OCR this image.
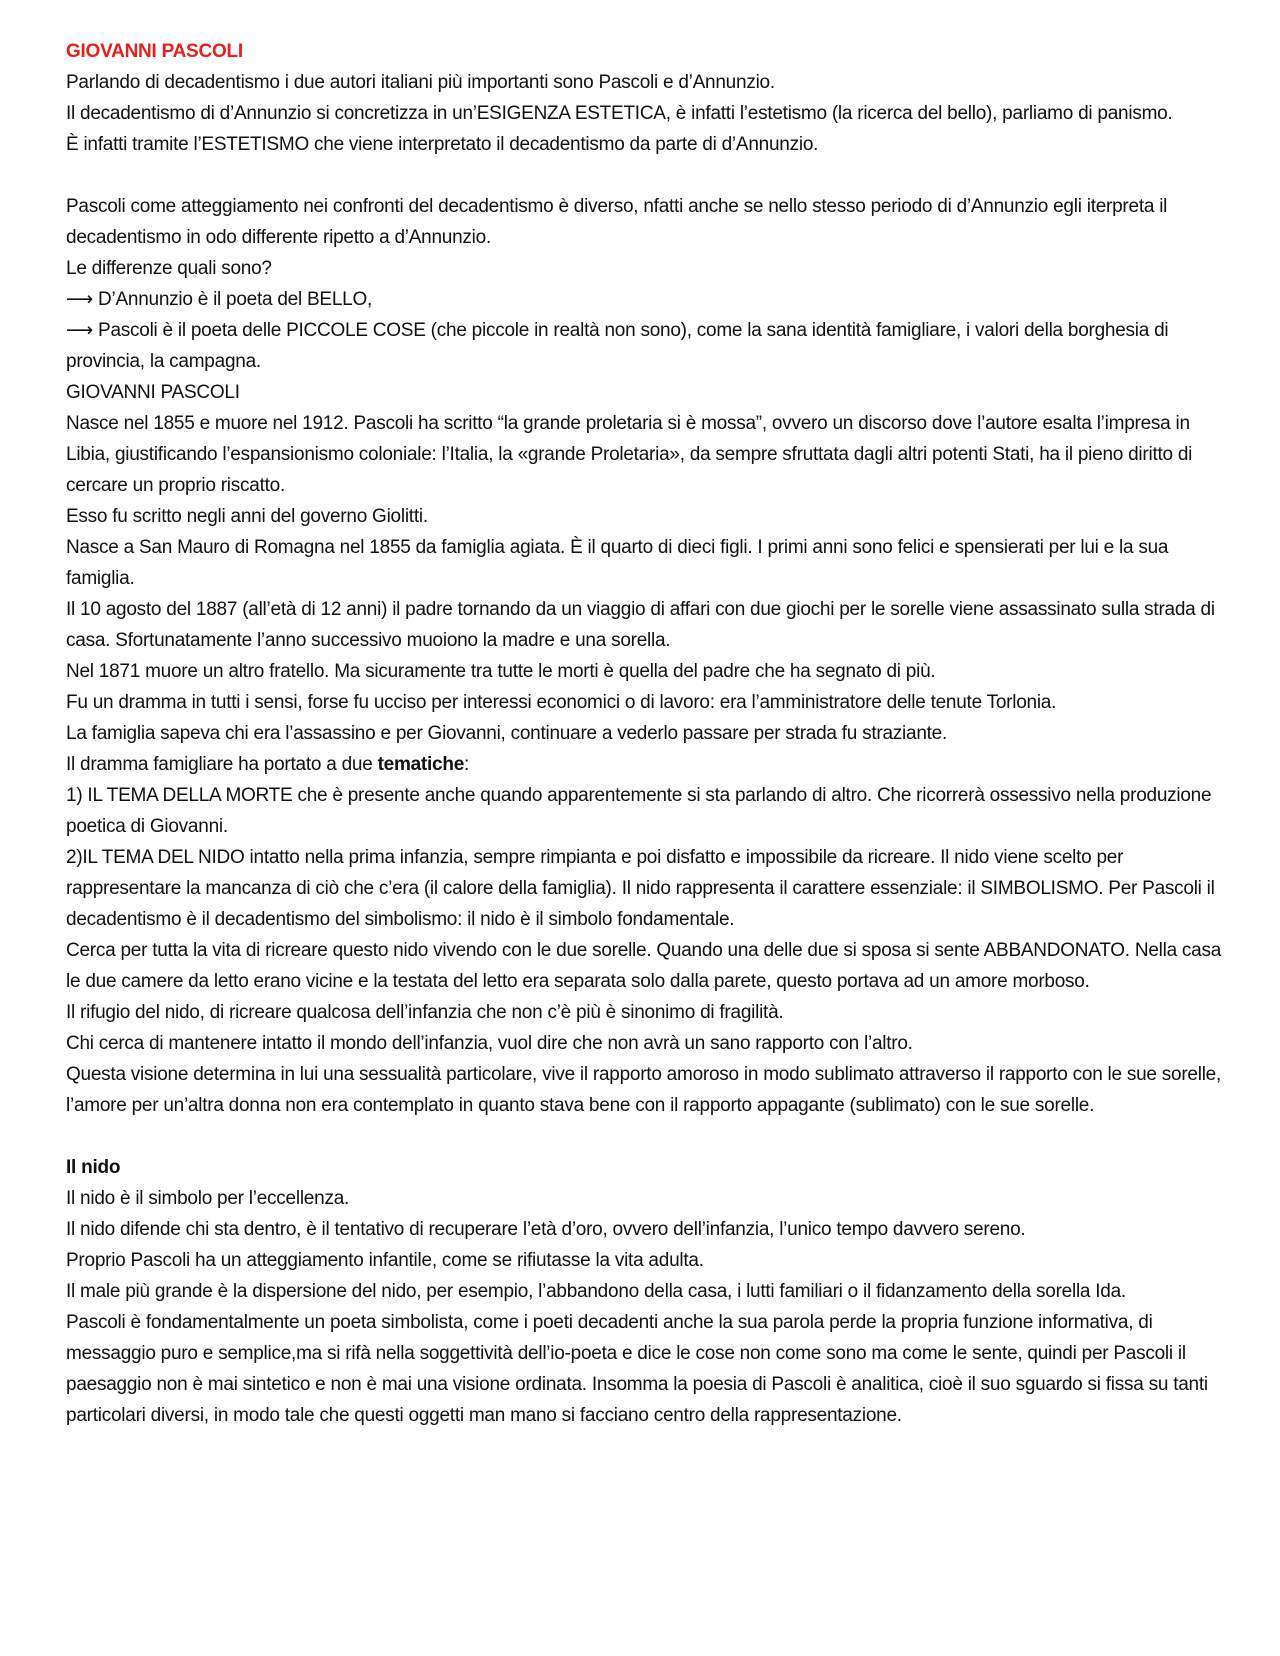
GIOVANNI PASCOLI

Parlando di decadentismo i due autori italiani più importanti sono Pascoli e d’Annunzio.

Il decadentismo di d’Annunzio si concretizza in un’ESIGENZA ESTETICA, è infatti l’estetismo (la ricerca del bello), parliamo di panismo.

È infatti tramite l’ESTETISMO che viene interpretato il decadentismo da parte di d’Annunzio.

Pascoli come atteggiamento nei confronti del decadentismo è diverso, nfatti anche se nello stesso periodo di d’Annunzio egli iterpreta il decadentismo in odo differente ripetto a d’Annunzio.

Le differenze quali sono?

⟶ D’Annunzio è il poeta del BELLO,

⟶ Pascoli è il poeta delle PICCOLE COSE (che piccole in realtà non sono), come la sana identità famigliare, i valori della borghesia di provincia, la campagna.

GIOVANNI PASCOLI

Nasce nel 1855 e muore nel 1912. Pascoli ha scritto “la grande proletaria si è mossa”, ovvero un discorso dove l’autore esalta l’impresa in Libia, giustificando l’espansionismo coloniale: l’Italia, la «grande Proletaria», da sempre sfruttata dagli altri potenti Stati, ha il pieno diritto di cercare un proprio riscatto.

Esso fu scritto negli anni del governo Giolitti.

Nasce a San Mauro di Romagna nel 1855 da famiglia agiata. È il quarto di dieci figli. I primi anni sono felici e spensierati per lui e la sua famiglia.

Il 10 agosto del 1887 (all’età di 12 anni) il padre tornando da un viaggio di affari con due giochi per le sorelle viene assassinato sulla strada di casa. Sfortunatamente l’anno successivo muoiono la madre e una sorella.

Nel 1871 muore un altro fratello. Ma sicuramente tra tutte le morti è quella del padre che ha segnato di più.

Fu un dramma in tutti i sensi, forse fu ucciso per interessi economici o di lavoro: era l’amministratore delle tenute Torlonia.

La famiglia sapeva chi era l’assassino e per Giovanni, continuare a vederlo passare per strada fu straziante.

Il dramma famigliare ha portato a due tematiche:

1) IL TEMA DELLA MORTE che è presente anche quando apparentemente si sta parlando di altro. Che ricorrerà ossessivo nella produzione poetica di Giovanni.

2)IL TEMA DEL NIDO intatto nella prima infanzia, sempre rimpianta e poi disfatto e impossibile da ricreare. Il nido viene scelto per rappresentare la mancanza di ciò che c’era (il calore della famiglia). Il nido rappresenta il carattere essenziale: il SIMBOLISMO. Per Pascoli il decadentismo è il decadentismo del simbolismo: il nido è il simbolo fondamentale.

Cerca per tutta la vita di ricreare questo nido vivendo con le due sorelle. Quando una delle due si sposa si sente ABBANDONATO. Nella casa le due camere da letto erano vicine e la testata del letto era separata solo dalla parete, questo portava ad un amore morboso.

Il rifugio del nido, di ricreare qualcosa dell’infanzia che non c’è più è sinonimo di fragilità.

Chi cerca di mantenere intatto il mondo dell’infanzia, vuol dire che non avrà un sano rapporto con l’altro.

Questa visione determina in lui una sessualità particolare, vive il rapporto amoroso in modo sublimato attraverso il rapporto con le sue sorelle, l’amore per un’altra donna non era contemplato in quanto stava bene con il rapporto appagante (sublimato) con le sue sorelle.

Il nido

Il nido è il simbolo per l’eccellenza.

Il nido difende chi sta dentro, è il tentativo di recuperare l’età d’oro, ovvero dell’infanzia, l’unico tempo davvero sereno.

Proprio Pascoli ha un atteggiamento infantile, come se rifiutasse la vita adulta.

Il male più grande è la dispersione del nido, per esempio, l’abbandono della casa, i lutti familiari o il fidanzamento della sorella Ida.

Pascoli è fondamentalmente un poeta simbolista, come i poeti decadenti anche la sua parola perde la propria funzione informativa, di messaggio puro e semplice,ma si rifà nella soggettività dell’io-poeta e dice le cose non come sono ma come le sente, quindi per Pascoli il paesaggio non è mai sintetico e non è mai una visione ordinata. Insomma la poesia di Pascoli è analitica, cioè il suo sguardo si fissa su tanti particolari diversi, in modo tale che questi oggetti man mano si facciano centro della rappresentazione.
